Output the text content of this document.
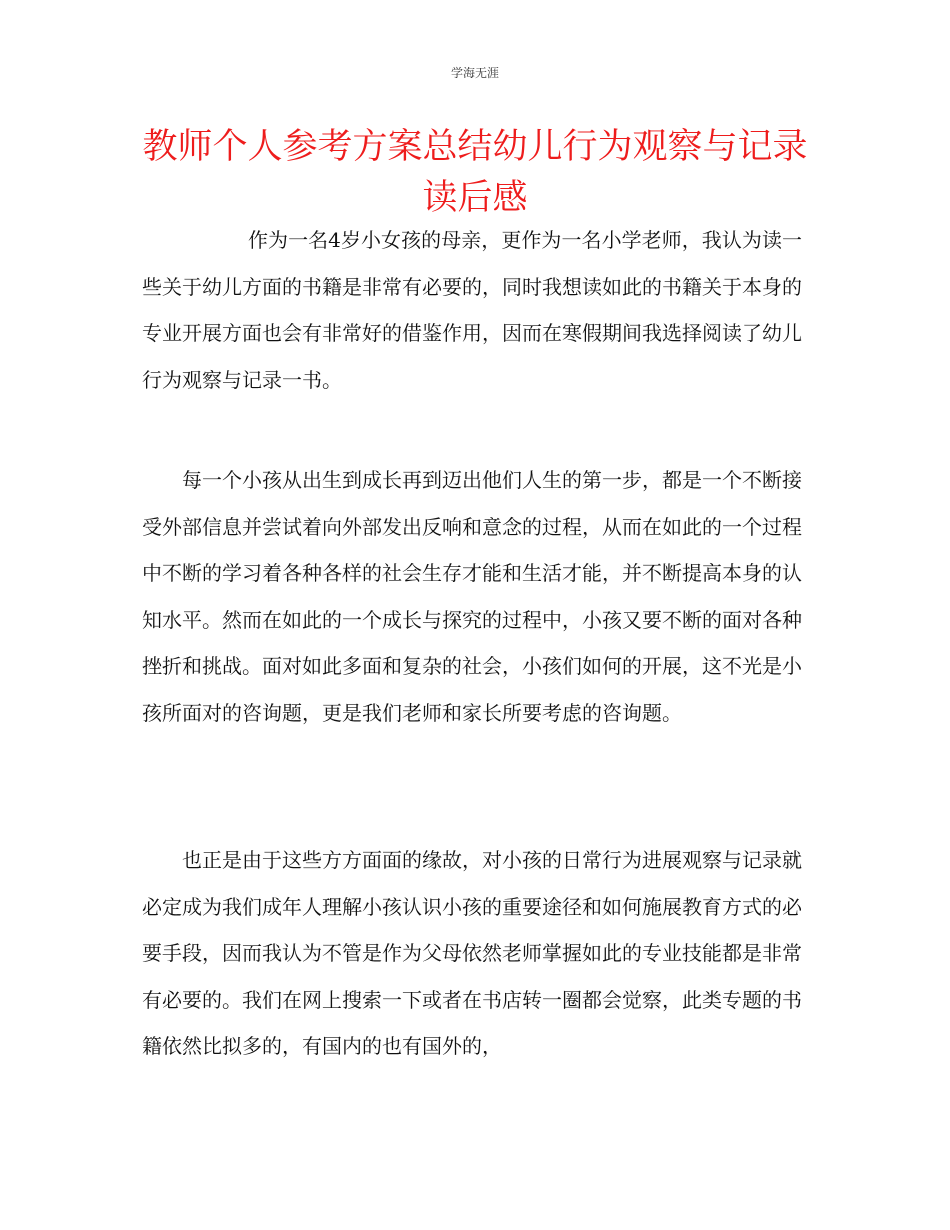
学海无涯
教师个人参考方案总结幼儿行为观察与记录读后感

作为一名4岁小女孩的母亲，更作为一名小学老师，我认为读一些关于幼儿方面的书籍是非常有必要的，同时我想读如此的书籍关于本身的专业开展方面也会有非常好的借鉴作用，因而在寒假期间我选择阅读了幼儿行为观察与记录一书。

每一个小孩从出生到成长再到迈出他们人生的第一步，都是一个不断接受外部信息并尝试着向外部发出反响和意念的过程，从而在如此的一个过程中不断的学习着各种各样的社会生存才能和生活才能，并不断提高本身的认知水平。然而在如此的一个成长与探究的过程中，小孩又要不断的面对各种挫折和挑战。面对如此多面和复杂的社会，小孩们如何的开展，这不光是小孩所面对的咨询题，更是我们老师和家长所要考虑的咨询题。

也正是由于这些方方面面的缘故，对小孩的日常行为进展观察与记录就必定成为我们成年人理解小孩认识小孩的重要途径和如何施展教育方式的必要手段，因而我认为不管是作为父母依然老师掌握如此的专业技能都是非常有必要的。我们在网上搜索一下或者在书店转一圈都会觉察，此类专题的书籍依然比拟多的，有国内的也有国外的，
